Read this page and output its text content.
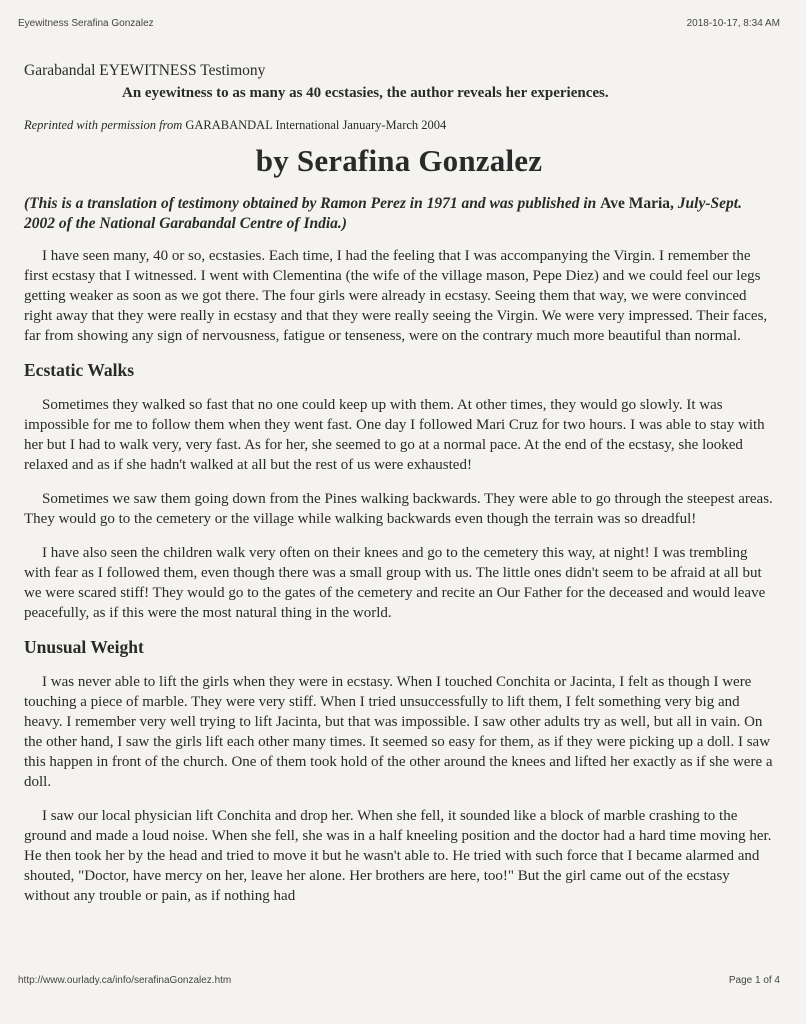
Eyewitness Serafina Gonzalez	2018-10-17, 8:34 AM
Garabandal EYEWITNESS Testimony
An eyewitness to as many as 40 ecstasies, the author reveals her experiences.
Reprinted with permission from GARABANDAL International January-March 2004
by Serafina Gonzalez
(This is a translation of testimony obtained by Ramon Perez in 1971 and was published in Ave Maria, July-Sept. 2002 of the National Garabandal Centre of India.)

I have seen many, 40 or so, ecstasies. Each time, I had the feeling that I was accompanying the Virgin. I remember the first ecstasy that I witnessed. I went with Clementina (the wife of the village mason, Pepe Diez) and we could feel our legs getting weaker as soon as we got there. The four girls were already in ecstasy. Seeing them that way, we were convinced right away that they were really in ecstasy and that they were really seeing the Virgin. We were very impressed. Their faces, far from showing any sign of nervousness, fatigue or tenseness, were on the contrary much more beautiful than normal.

Ecstatic Walks

Sometimes they walked so fast that no one could keep up with them. At other times, they would go slowly. It was impossible for me to follow them when they went fast. One day I followed Mari Cruz for two hours. I was able to stay with her but I had to walk very, very fast. As for her, she seemed to go at a normal pace. At the end of the ecstasy, she looked relaxed and as if she hadn't walked at all but the rest of us were exhausted!

Sometimes we saw them going down from the Pines walking backwards. They were able to go through the steepest areas. They would go to the cemetery or the village while walking backwards even though the terrain was so dreadful!

I have also seen the children walk very often on their knees and go to the cemetery this way, at night! I was trembling with fear as I followed them, even though there was a small group with us. The little ones didn't seem to be afraid at all but we were scared stiff! They would go to the gates of the cemetery and recite an Our Father for the deceased and would leave peacefully, as if this were the most natural thing in the world.

Unusual Weight

I was never able to lift the girls when they were in ecstasy. When I touched Conchita or Jacinta, I felt as though I were touching a piece of marble. They were very stiff. When I tried unsuccessfully to lift them, I felt something very big and heavy. I remember very well trying to lift Jacinta, but that was impossible. I saw other adults try as well, but all in vain. On the other hand, I saw the girls lift each other many times. It seemed so easy for them, as if they were picking up a doll. I saw this happen in front of the church. One of them took hold of the other around the knees and lifted her exactly as if she were a doll.

I saw our local physician lift Conchita and drop her. When she fell, it sounded like a block of marble crashing to the ground and made a loud noise. When she fell, she was in a half kneeling position and the doctor had a hard time moving her. He then took her by the head and tried to move it but he wasn't able to. He tried with such force that I became alarmed and shouted, "Doctor, have mercy on her, leave her alone. Her brothers are here, too!" But the girl came out of the ecstasy without any trouble or pain, as if nothing had

http://www.ourlady.ca/info/serafinaGonzalez.htm	Page 1 of 4
